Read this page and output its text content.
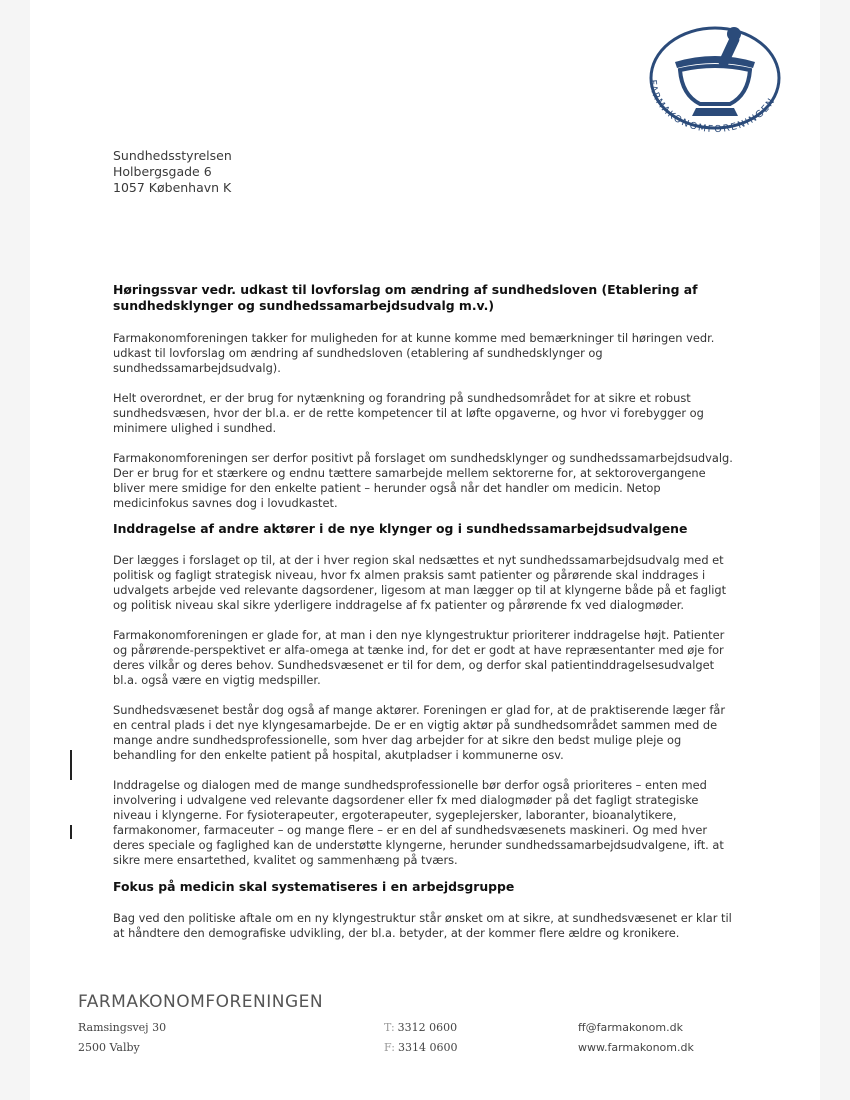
FARMAKONOMFORENINGEN
Sundhedsstyrelsen
Holbergsgade 6
1057 København K
Høringssvar vedr. udkast til lovforslag om ændring af sundhedsloven (Etablering af sundhedsklynger og sundhedssamarbejdsudvalg m.v.)

Farmakonomforeningen takker for muligheden for at kunne komme med bemærkninger til høringen vedr. udkast til lovforslag om ændring af sundhedsloven (etablering af sundhedsklynger og sundhedssamarbejdsudvalg).

Helt overordnet, er der brug for nytænkning og forandring på sundhedsområdet for at sikre et robust sundhedsvæsen, hvor der bl.a. er de rette kompetencer til at løfte opgaverne, og hvor vi forebygger og minimere ulighed i sundhed.

Farmakonomforeningen ser derfor positivt på forslaget om sundhedsklynger og sundhedssamarbejdsudvalg. Der er brug for et stærkere og endnu tættere samarbejde mellem sektorerne for, at sektorovergangene bliver mere smidige for den enkelte patient – herunder også når det handler om medicin. Netop medicinfokus savnes dog i lovudkastet.

Inddragelse af andre aktører i de nye klynger og i sundhedssamarbejdsudvalgene

Der lægges i forslaget op til, at der i hver region skal nedsættes et nyt sundhedssamarbejdsudvalg med et politisk og fagligt strategisk niveau, hvor fx almen praksis samt patienter og pårørende skal inddrages i udvalgets arbejde ved relevante dagsordener, ligesom at man lægger op til at klyngerne både på et fagligt og politisk niveau skal sikre yderligere inddragelse af fx patienter og pårørende fx ved dialogmøder.

Farmakonomforeningen er glade for, at man i den nye klyngestruktur prioriterer inddragelse højt. Patienter og pårørende-perspektivet er alfa-omega at tænke ind, for det er godt at have repræsentanter med øje for deres vilkår og deres behov. Sundhedsvæsenet er til for dem, og derfor skal patientinddragelsesudvalget bl.a. også være en vigtig medspiller.

Sundhedsvæsenet består dog også af mange aktører. Foreningen er glad for, at de praktiserende læger får en central plads i det nye klyngesamarbejde. De er en vigtig aktør på sundhedsområdet sammen med de mange andre sundhedsprofessionelle, som hver dag arbejder for at sikre den bedst mulige pleje og behandling for den enkelte patient på hospital, akutpladser i kommunerne osv.

Inddragelse og dialogen med de mange sundhedsprofessionelle bør derfor også prioriteres – enten med involvering i udvalgene ved relevante dagsordener eller fx med dialogmøder på det fagligt strategiske niveau i klyngerne. For fysioterapeuter, ergoterapeuter, sygeplejersker, laboranter, bioanalytikere, farmakonomer, farmaceuter – og mange flere – er en del af sundhedsvæsenets maskineri. Og med hver deres speciale og faglighed kan de understøtte klyngerne, herunder sundhedssamarbejdsudvalgene, ift. at sikre mere ensartethed, kvalitet og sammenhæng på tværs.

Fokus på medicin skal systematiseres i en arbejdsgruppe

Bag ved den politiske aftale om en ny klyngestruktur står ønsket om at sikre, at sundhedsvæsenet er klar til at håndtere den demografiske udvikling, der bl.a. betyder, at der kommer flere ældre og kronikere.

FARMAKONOMFORENINGEN
Ramsingsvej 30
2500 Valby
T: 3312 0600
F: 3314 0600
ff@farmakonom.dk
www.farmakonom.dk
